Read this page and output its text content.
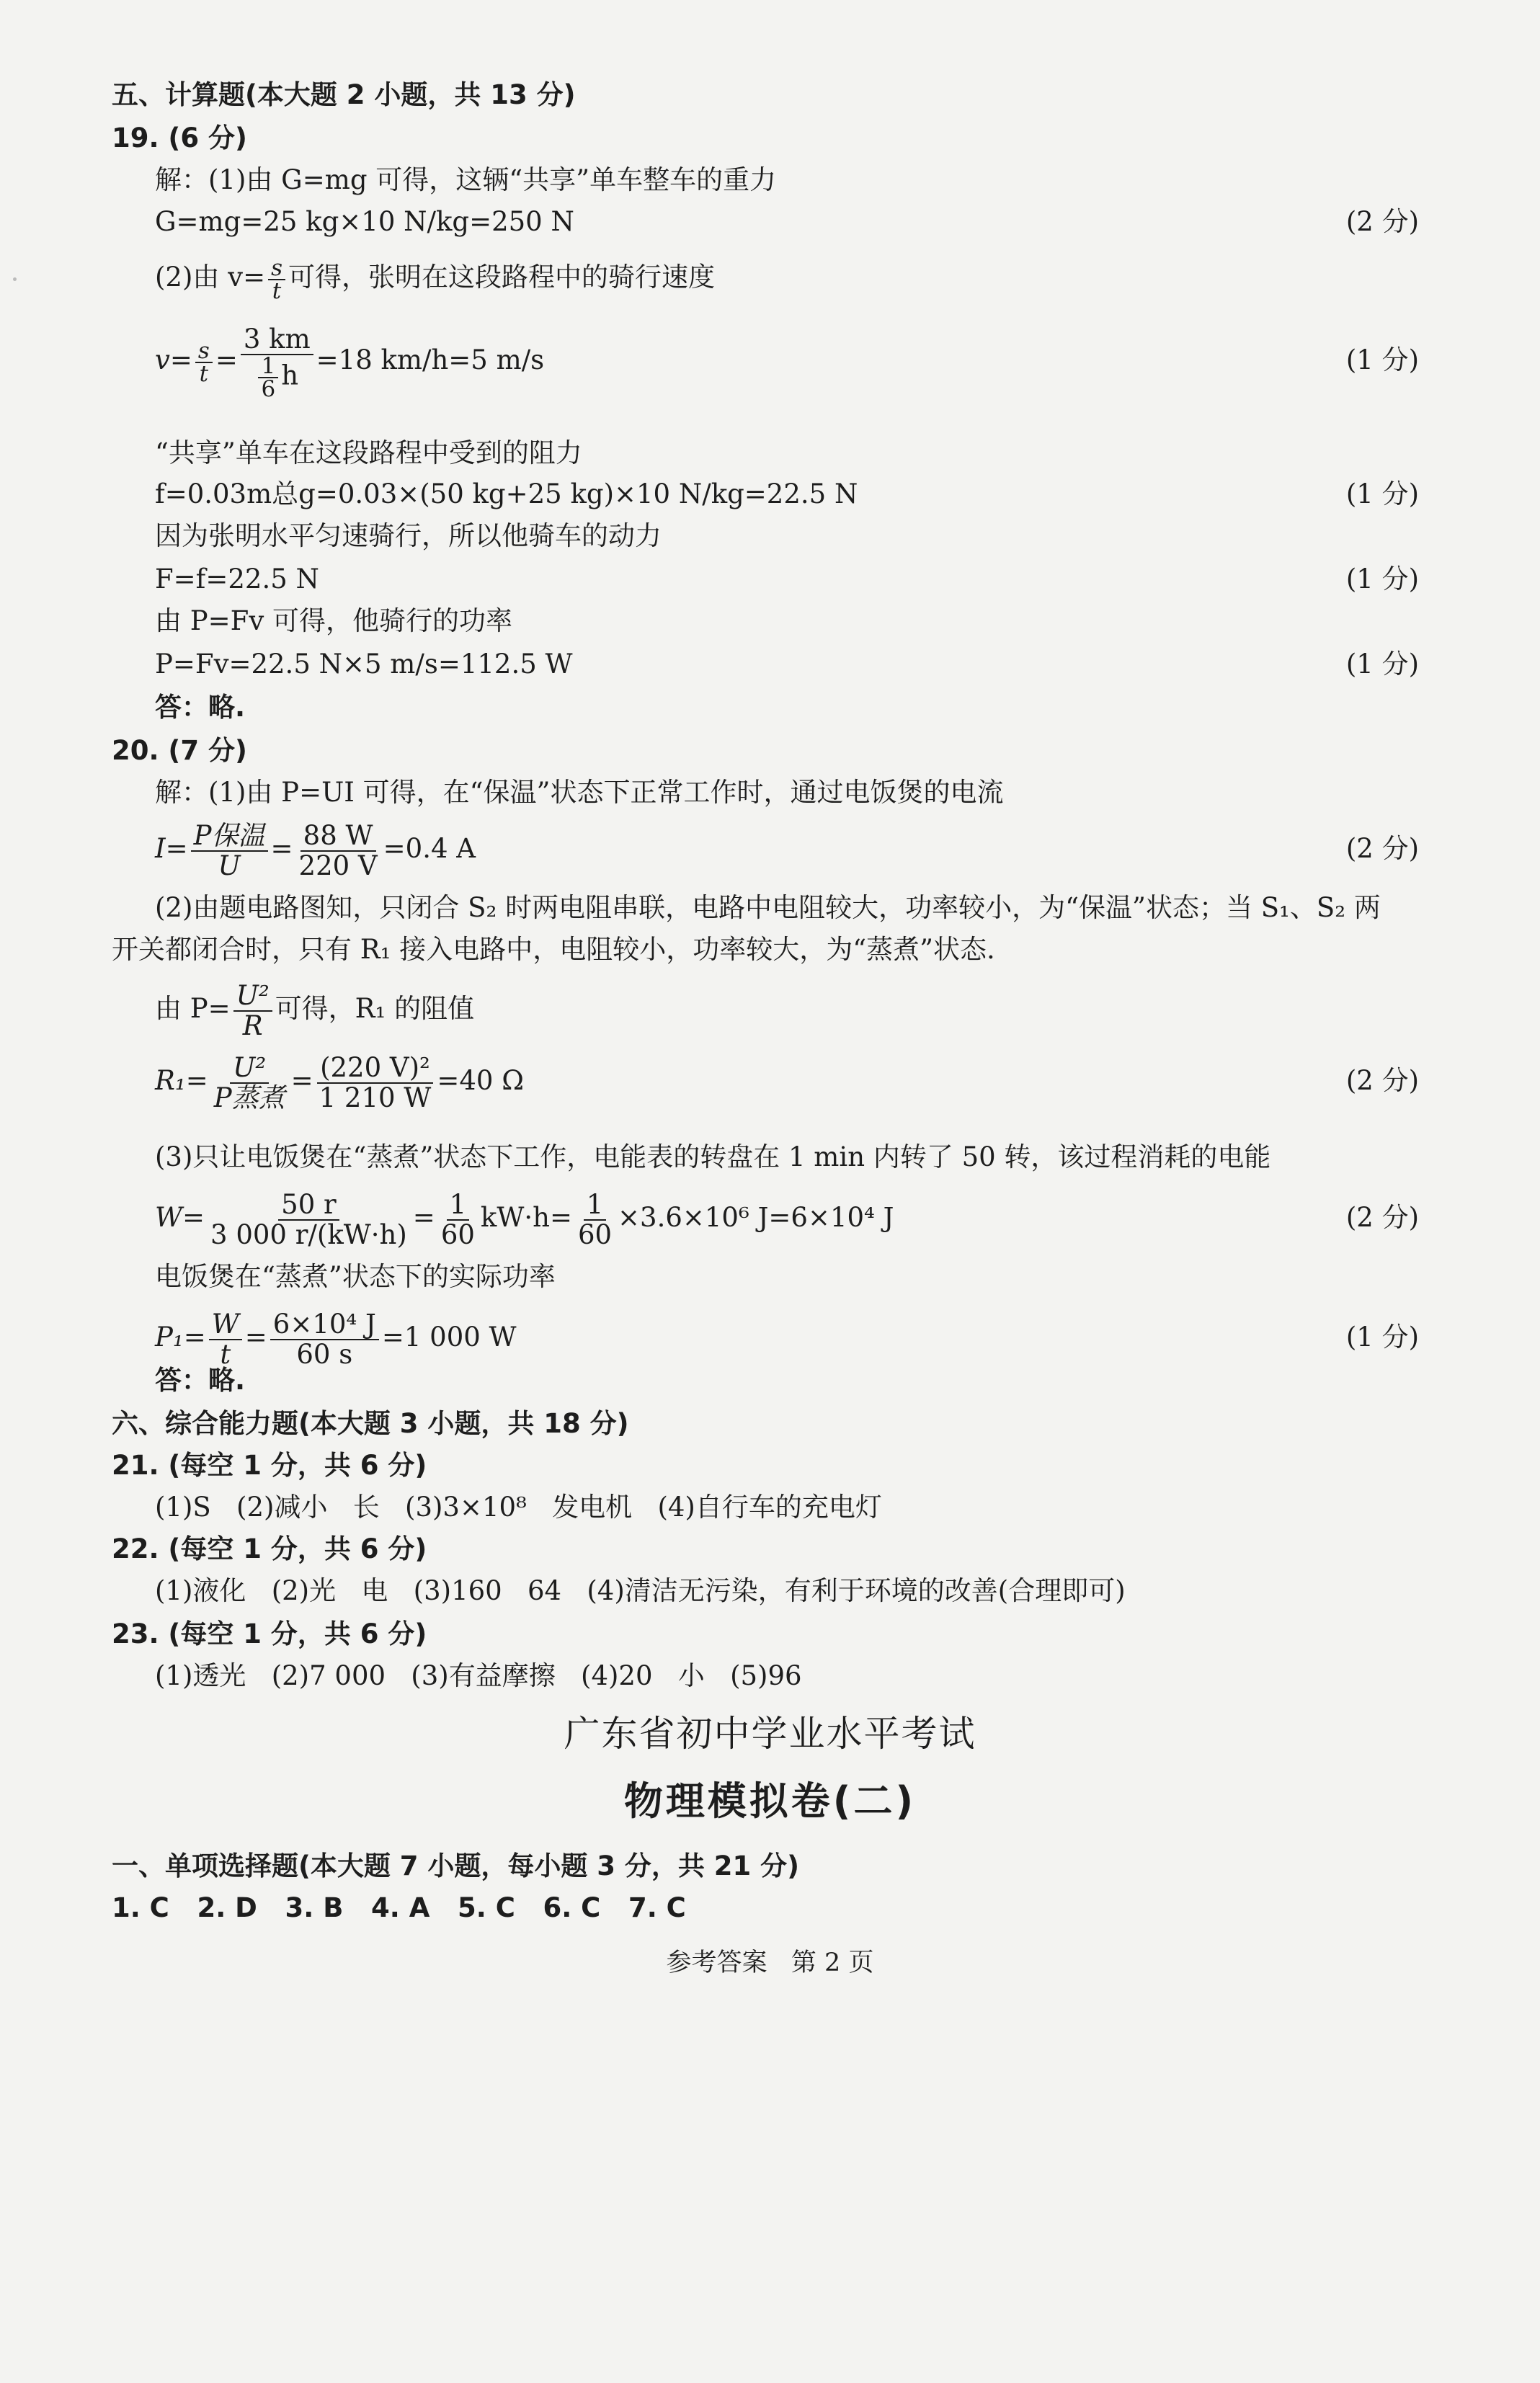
五、计算题(本大题 2 小题，共 13 分)
19. (6 分)
解：(1)由 G=mg 可得，这辆“共享”单车整车的重力
G=mg=25 kg×10 N/kg=250 N	(2 分)
(2)由 $v= \frac{s}{t}$ 可得，张明在这段路程中的骑行速度
$v= \frac{s}{t} = \frac{3 km}{\frac{1}{6} h} =18$ km/h=5 m/s	(1 分)
“共享”单车在这段路程中受到的阻力
f=0.03m总g=0.03×(50 kg+25 kg)×10 N/kg=22.5 N	(1 分)
因为张明水平匀速骑行，所以他骑车的动力
F=f=22.5 N	(1 分)
由 P=Fv 可得，他骑行的功率
P=Fv=22.5 N×5 m/s=112.5 W	(1 分)
答：略.
20. (7 分)
解：(1)由 P=UI 可得，在“保温”状态下正常工作时，通过电饭煲的电流
$I= \frac{\text{P保温}}{U} = \frac{88 W}{220 V} =0.4$ A	(2 分)
(2)由题电路图知，只闭合 S₂ 时两电阻串联，电路中电阻较大，功率较小，为“保温”状态；当 S₁、S₂ 两
开关都闭合时，只有 R₁ 接入电路中，电阻较小，功率较大，为“蒸煮”状态.
由 $P= \frac{\text{U²}}{R}$ 可得，R₁ 的阻值
$R_1= \frac{\text{U²}}{\text{P蒸煮}} = \frac{\text{(220 V)²}}{1 210 W} =40$ Ω	(2 分)
(3)只让电饭煲在“蒸煮”状态下工作，电能表的转盘在 1 min 内转了 50 转，该过程消耗的电能
$W= \frac{50 r}{3 000 r/(kW\cdot h)} = \frac{1}{60} kW\cdot h= \frac{1}{60} \times 3.6\times 10^6$ J=6×10⁴ J	(2 分)
电饭煲在“蒸煮”状态下的实际功率
$P_1= \frac{W}{t} = \frac{\text{6×10⁴ J}}{60 s} =1$ 000 W	(1 分)
答：略.
六、综合能力题(本大题 3 小题，共 18 分)
21. (每空 1 分，共 6 分)
(1)S   (2)减小   长   (3)3×10⁸   发电机   (4)自行车的充电灯
22. (每空 1 分，共 6 分)
(1)液化   (2)光   电   (3)160   64   (4)清洁无污染，有利于环境的改善(合理即可)
23. (每空 1 分，共 6 分)
(1)透光   (2)7 000   (3)有益摩擦   (4)20   小   (5)96
广东省初中学业水平考试
物理模拟卷(二)
一、单项选择题(本大题 7 小题，每小题 3 分，共 21 分)
1. C   2. D   3. B   4. A   5. C   6. C   7. C
参考答案   第 2 页
